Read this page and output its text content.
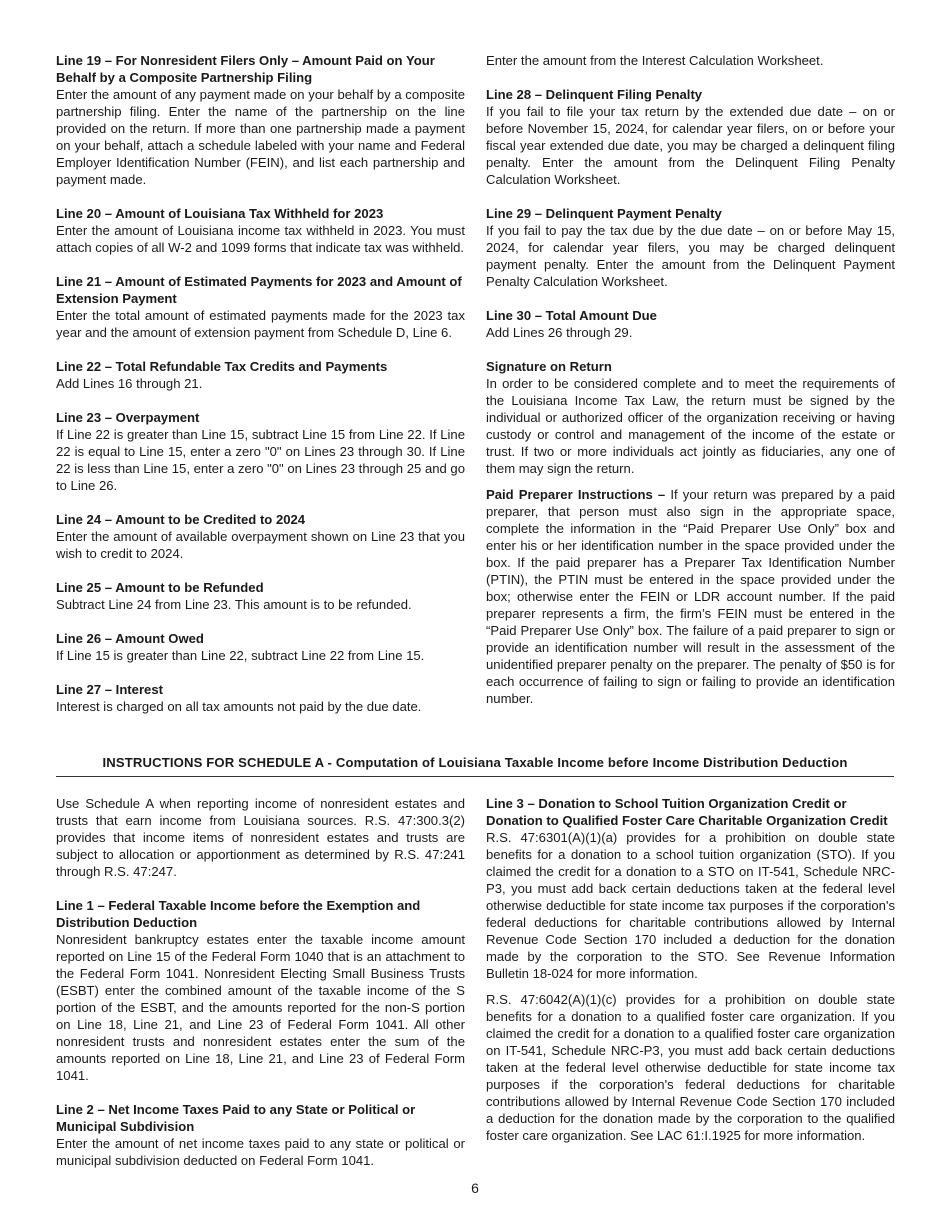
Line 19 – For Nonresident Filers Only – Amount Paid on Your Behalf by a Composite Partnership Filing
Enter the amount of any payment made on your behalf by a composite partnership filing. Enter the name of the partnership on the line provided on the return. If more than one partnership made a payment on your behalf, attach a schedule labeled with your name and Federal Employer Identification Number (FEIN), and list each partnership and payment made.
Line 20 – Amount of Louisiana Tax Withheld for 2023
Enter the amount of Louisiana income tax withheld in 2023. You must attach copies of all W-2 and 1099 forms that indicate tax was withheld.
Line 21 – Amount of Estimated Payments for 2023 and Amount of Extension Payment
Enter the total amount of estimated payments made for the 2023 tax year and the amount of extension payment from Schedule D, Line 6.
Line 22 – Total Refundable Tax Credits and Payments
Add Lines 16 through 21.
Line 23 – Overpayment
If Line 22 is greater than Line 15, subtract Line 15 from Line 22. If Line 22 is equal to Line 15, enter a zero "0" on Lines 23 through 30. If Line 22 is less than Line 15, enter a zero "0" on Lines 23 through 25 and go to Line 26.
Line 24 – Amount to be Credited to 2024
Enter the amount of available overpayment shown on Line 23 that you wish to credit to 2024.
Line 25 – Amount to be Refunded
Subtract Line 24 from Line 23. This amount is to be refunded.
Line 26 – Amount Owed
If Line 15 is greater than Line 22, subtract Line 22 from Line 15.
Line 27 – Interest
Interest is charged on all tax amounts not paid by the due date.
Enter the amount from the Interest Calculation Worksheet.
Line 28 – Delinquent Filing Penalty
If you fail to file your tax return by the extended due date – on or before November 15, 2024, for calendar year filers, on or before your fiscal year extended due date, you may be charged a delinquent filing penalty. Enter the amount from the Delinquent Filing Penalty Calculation Worksheet.
Line 29 – Delinquent Payment Penalty
If you fail to pay the tax due by the due date – on or before May 15, 2024, for calendar year filers, you may be charged delinquent payment penalty. Enter the amount from the Delinquent Payment Penalty Calculation Worksheet.
Line 30 – Total Amount Due
Add Lines 26 through 29.
Signature on Return
In order to be considered complete and to meet the requirements of the Louisiana Income Tax Law, the return must be signed by the individual or authorized officer of the organization receiving or having custody or control and management of the income of the estate or trust. If two or more individuals act jointly as fiduciaries, any one of them may sign the return.
Paid Preparer Instructions – If your return was prepared by a paid preparer, that person must also sign in the appropriate space, complete the information in the “Paid Preparer Use Only” box and enter his or her identification number in the space provided under the box. If the paid preparer has a Preparer Tax Identification Number (PTIN), the PTIN must be entered in the space provided under the box; otherwise enter the FEIN or LDR account number. If the paid preparer represents a firm, the firm’s FEIN must be entered in the “Paid Preparer Use Only” box. The failure of a paid preparer to sign or provide an identification number will result in the assessment of the unidentified preparer penalty on the preparer. The penalty of $50 is for each occurrence of failing to sign or failing to provide an identification number.
INSTRUCTIONS FOR SCHEDULE A - Computation of Louisiana Taxable Income before Income Distribution Deduction
Use Schedule A when reporting income of nonresident estates and trusts that earn income from Louisiana sources. R.S. 47:300.3(2) provides that income items of nonresident estates and trusts are subject to allocation or apportionment as determined by R.S. 47:241 through R.S. 47:247.
Line 1 – Federal Taxable Income before the Exemption and Distribution Deduction
Nonresident bankruptcy estates enter the taxable income amount reported on Line 15 of the Federal Form 1040 that is an attachment to the Federal Form 1041. Nonresident Electing Small Business Trusts (ESBT) enter the combined amount of the taxable income of the S portion of the ESBT, and the amounts reported for the non-S portion on Line 18, Line 21, and Line 23 of Federal Form 1041. All other nonresident trusts and nonresident estates enter the sum of the amounts reported on Line 18, Line 21, and Line 23 of Federal Form 1041.
Line 2 – Net Income Taxes Paid to any State or Political or Municipal Subdivision
Enter the amount of net income taxes paid to any state or political or municipal subdivision deducted on Federal Form 1041.
Line 3 – Donation to School Tuition Organization Credit or Donation to Qualified Foster Care Charitable Organization Credit
R.S. 47:6301(A)(1)(a) provides for a prohibition on double state benefits for a donation to a school tuition organization (STO). If you claimed the credit for a donation to a STO on IT-541, Schedule NRC-P3, you must add back certain deductions taken at the federal level otherwise deductible for state income tax purposes if the corporation's federal deductions for charitable contributions allowed by Internal Revenue Code Section 170 included a deduction for the donation made by the corporation to the STO. See Revenue Information Bulletin 18-024 for more information.
R.S. 47:6042(A)(1)(c) provides for a prohibition on double state benefits for a donation to a qualified foster care organization. If you claimed the credit for a donation to a qualified foster care organization on IT-541, Schedule NRC-P3, you must add back certain deductions taken at the federal level otherwise deductible for state income tax purposes if the corporation's federal deductions for charitable contributions allowed by Internal Revenue Code Section 170 included a deduction for the donation made by the corporation to the qualified foster care organization. See LAC 61:I.1925 for more information.
6
